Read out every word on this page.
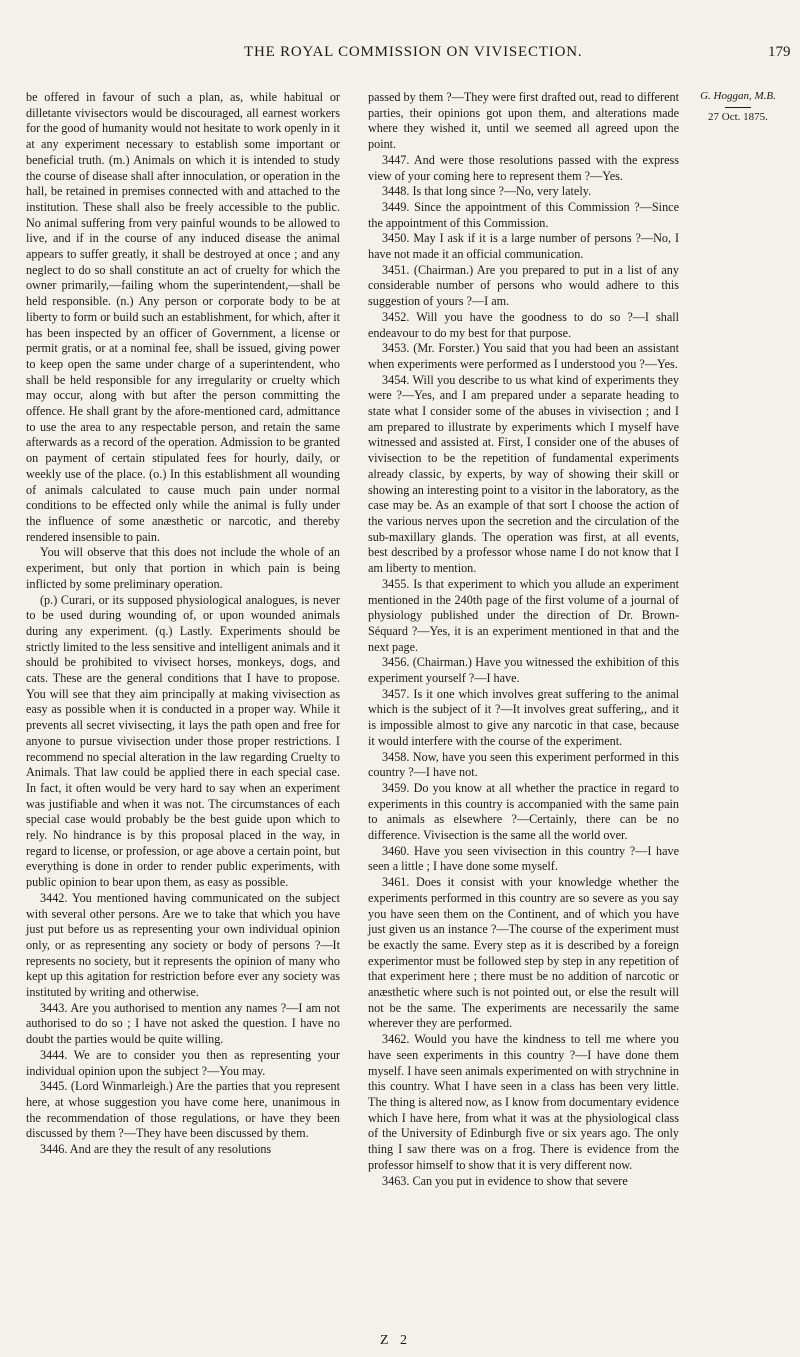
THE ROYAL COMMISSION ON VIVISECTION.	179

be offered in favour of such a plan, as, while habitual or dilletante vivisectors would be discouraged, all earnest workers for the good of humanity would not hesitate to work openly in it at any experiment necessary to establish some important or beneficial truth. (m.) Animals on which it is intended to study the course of disease shall after innoculation, or operation in the hall, be retained in premises connected with and attached to the institution. These shall also be freely accessible to the public. No animal suffering from very painful wounds to be allowed to live, and if in the course of any induced disease the animal appears to suffer greatly, it shall be destroyed at once ; and any neglect to do so shall constitute an act of cruelty for which the owner primarily,—failing whom the superintendent,—shall be held responsible. (n.) Any person or corporate body to be at liberty to form or build such an establishment, for which, after it has been inspected by an officer of Government, a license or permit gratis, or at a nominal fee, shall be issued, giving power to keep open the same under charge of a superintendent, who shall be held responsible for any irregularity or cruelty which may occur, along with but after the person committing the offence. He shall grant by the afore-mentioned card, admittance to use the area to any respectable person, and retain the same afterwards as a record of the operation. Admission to be granted on payment of certain stipulated fees for hourly, daily, or weekly use of the place. (o.) In this establishment all wounding of animals calculated to cause much pain under normal conditions to be effected only while the animal is fully under the influence of some anæsthetic or narcotic, and thereby rendered insensible to pain.

You will observe that this does not include the whole of an experiment, but only that portion in which pain is being inflicted by some preliminary operation.

(p.) Curari, or its supposed physiological analogues, is never to be used during wounding of, or upon wounded animals during any experiment. (q.) Lastly. Experiments should be strictly limited to the less sensitive and intelligent animals and it should be prohibited to vivisect horses, monkeys, dogs, and cats. These are the general conditions that I have to propose. You will see that they aim principally at making vivisection as easy as possible when it is conducted in a proper way. While it prevents all secret vivisecting, it lays the path open and free for anyone to pursue vivisection under those proper restrictions. I recommend no special alteration in the law regarding Cruelty to Animals. That law could be applied there in each special case. In fact, it often would be very hard to say when an experiment was justifiable and when it was not. The circumstances of each special case would probably be the best guide upon which to rely. No hindrance is by this proposal placed in the way, in regard to license, or profession, or age above a certain point, but everything is done in order to render public experiments, with public opinion to bear upon them, as easy as possible.

3442. You mentioned having communicated on the subject with several other persons. Are we to take that which you have just put before us as representing your own individual opinion only, or as representing any society or body of persons ?—It represents no society, but it represents the opinion of many who kept up this agitation for restriction before ever any society was instituted by writing and otherwise.

3443. Are you authorised to mention any names ?—I am not authorised to do so ; I have not asked the question. I have no doubt the parties would be quite willing.

3444. We are to consider you then as representing your individual opinion upon the subject ?—You may.

3445. (Lord Winmarleigh.) Are the parties that you represent here, at whose suggestion you have come here, unanimous in the recommendation of those regulations, or have they been discussed by them ?—They have been discussed by them.

3446. And are they the result of any resolutions

passed by them ?—They were first drafted out, read to different parties, their opinions got upon them, and alterations made where they wished it, until we seemed all agreed upon the point.

3447. And were those resolutions passed with the express view of your coming here to represent them ?—Yes.

3448. Is that long since ?—No, very lately.

3449. Since the appointment of this Commission ?—Since the appointment of this Commission.

3450. May I ask if it is a large number of persons ?—No, I have not made it an official communication.

3451. (Chairman.) Are you prepared to put in a list of any considerable number of persons who would adhere to this suggestion of yours ?—I am.

3452. Will you have the goodness to do so ?—I shall endeavour to do my best for that purpose.

3453. (Mr. Forster.) You said that you had been an assistant when experiments were performed as I understood you ?—Yes.

3454. Will you describe to us what kind of experiments they were ?—Yes, and I am prepared under a separate heading to state what I consider some of the abuses in vivisection ; and I am prepared to illustrate by experiments which I myself have witnessed and assisted at. First, I consider one of the abuses of vivisection to be the repetition of fundamental experiments already classic, by experts, by way of showing their skill or showing an interesting point to a visitor in the laboratory, as the case may be. As an example of that sort I choose the action of the various nerves upon the secretion and the circulation of the sub-maxillary glands. The operation was first, at all events, best described by a professor whose name I do not know that I am liberty to mention.

3455. Is that experiment to which you allude an experiment mentioned in the 240th page of the first volume of a journal of physiology published under the direction of Dr. Brown-Séquard ?—Yes, it is an experiment mentioned in that and the next page.

3456. (Chairman.) Have you witnessed the exhibition of this experiment yourself ?—I have.

3457. Is it one which involves great suffering to the animal which is the subject of it ?—It involves great suffering,, and it is impossible almost to give any narcotic in that case, because it would interfere with the course of the experiment.

3458. Now, have you seen this experiment performed in this country ?—I have not.

3459. Do you know at all whether the practice in regard to experiments in this country is accompanied with the same pain to animals as elsewhere ?—Certainly, there can be no difference. Vivisection is the same all the world over.

3460. Have you seen vivisection in this country ?—I have seen a little ; I have done some myself.

3461. Does it consist with your knowledge whether the experiments performed in this country are so severe as you say you have seen them on the Continent, and of which you have just given us an instance ?—The course of the experiment must be exactly the same. Every step as it is described by a foreign experimentor must be followed step by step in any repetition of that experiment here ; there must be no addition of narcotic or anæsthetic where such is not pointed out, or else the result will not be the same. The experiments are necessarily the same wherever they are performed.

3462. Would you have the kindness to tell me where you have seen experiments in this country ?—I have done them myself. I have seen animals experimented on with strychnine in this country. What I have seen in a class has been very little. The thing is altered now, as I know from documentary evidence which I have here, from what it was at the physiological class of the University of Edinburgh five or six years ago. The only thing I saw there was on a frog. There is evidence from the professor himself to show that it is very different now.

3463. Can you put in evidence to show that severe

G. Hoggan, M.B.
27 Oct. 1875.
Z 2
